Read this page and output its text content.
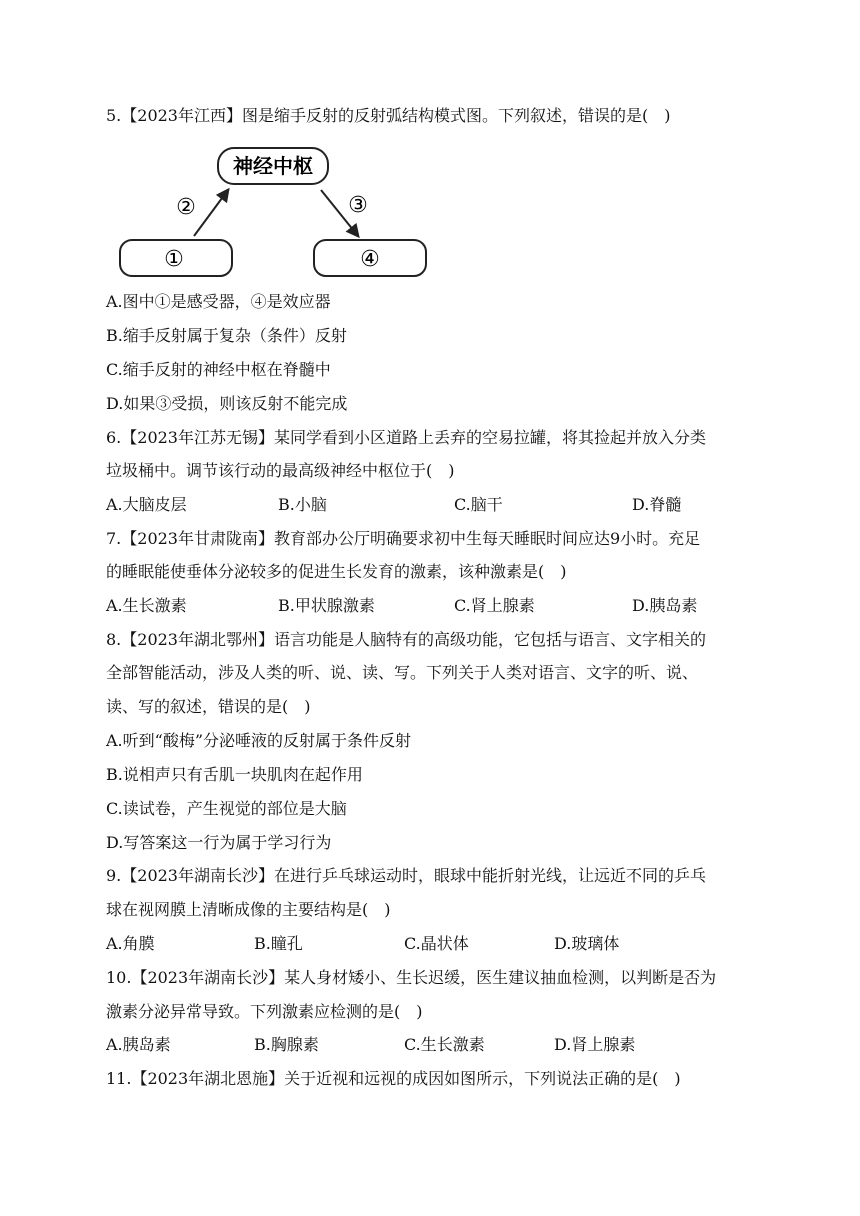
5.【2023年江西】图是缩手反射的反射弧结构模式图。下列叙述，错误的是(　)
神经中枢
②	③
①	④
A.图中①是感受器，④是效应器
B.缩手反射属于复杂（条件）反射
C.缩手反射的神经中枢在脊髓中
D.如果③受损，则该反射不能完成
6.【2023年江苏无锡】某同学看到小区道路上丢弃的空易拉罐，将其捡起并放入分类
垃圾桶中。调节该行动的最高级神经中枢位于(　)
A.大脑皮层	B.小脑	C.脑干	D.脊髓
7.【2023年甘肃陇南】教育部办公厅明确要求初中生每天睡眠时间应达9小时。充足
的睡眠能使垂体分泌较多的促进生长发育的激素，该种激素是(　)
A.生长激素	B.甲状腺激素	C.肾上腺素	D.胰岛素
8.【2023年湖北鄂州】语言功能是人脑特有的高级功能，它包括与语言、文字相关的
全部智能活动，涉及人类的听、说、读、写。下列关于人类对语言、文字的听、说、
读、写的叙述，错误的是(　)
A.听到“酸梅”分泌唾液的反射属于条件反射
B.说相声只有舌肌一块肌肉在起作用
C.读试卷，产生视觉的部位是大脑
D.写答案这一行为属于学习行为
9.【2023年湖南长沙】在进行乒乓球运动时，眼球中能折射光线，让远近不同的乒乓
球在视网膜上清晰成像的主要结构是(　)
A.角膜	B.瞳孔	C.晶状体	D.玻璃体
10.【2023年湖南长沙】某人身材矮小、生长迟缓，医生建议抽血检测，以判断是否为
激素分泌异常导致。下列激素应检测的是(　)
A.胰岛素	B.胸腺素	C.生长激素	D.肾上腺素
11.【2023年湖北恩施】关于近视和远视的成因如图所示，下列说法正确的是(　)
